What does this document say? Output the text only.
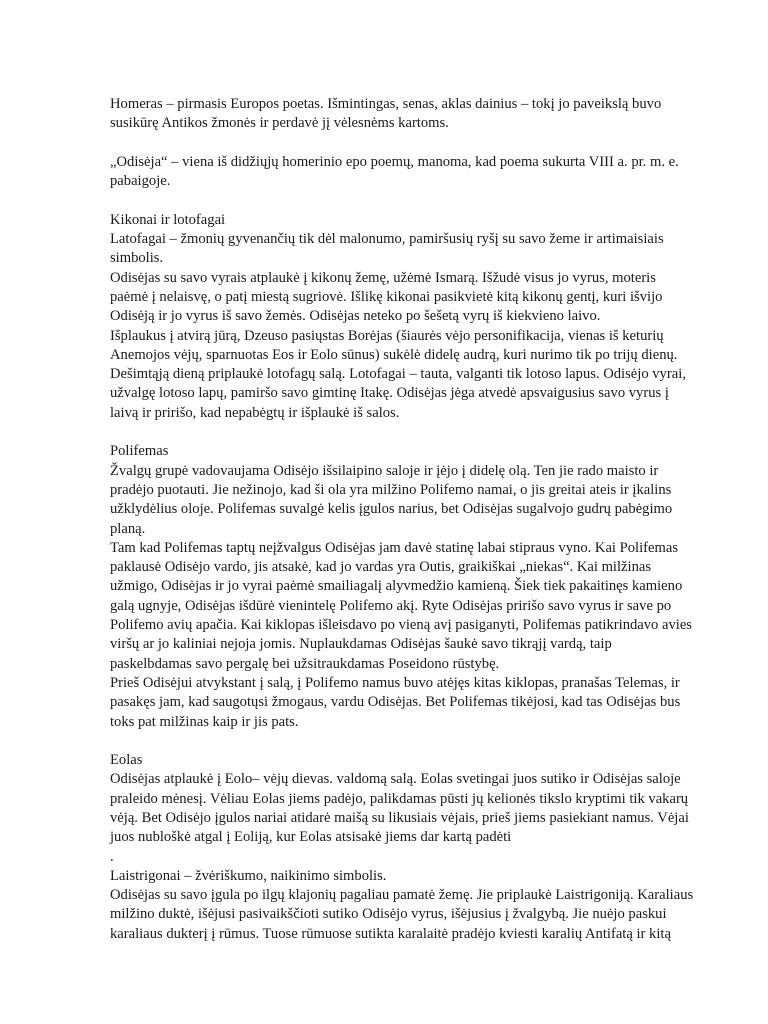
Homeras – pirmasis Europos poetas. Išmintingas, senas, aklas dainius – tokį jo paveikslą buvo
susikūrę Antikos žmonės ir perdavė jį vėlesnėms kartoms.

„Odisėja“ – viena iš didžiųjų homerinio epo poemų, manoma, kad poema sukurta VIII a. pr. m. e.
pabaigoje.

Kikonai ir lotofagai

Latofagai – žmonių gyvenančių tik dėl malonumo, pamiršusių ryšį su savo žeme ir artimaisiais
simbolis.

Odisėjas su savo vyrais atplaukė į kikonų žemę, užėmė Ismarą. Išžudė visus jo vyrus, moteris
paėmė į nelaisvę, o patį miestą sugriovė. Išlikę kikonai pasikvietė kitą kikonų gentį, kuri išvijo
Odisėją ir jo vyrus iš savo žemės. Odisėjas neteko po šešetą vyrų iš kiekvieno laivo.

Išplaukus į atvirą jūrą, Dzeuso pasiųstas Borėjas (šiaurės vėjo personifikacija, vienas iš keturių
Anemojos vėjų, sparnuotas Eos ir Eolo sūnus) sukėlė didelę audrą, kuri nurimo tik po trijų dienų.

Dešimtąją dieną priplaukė lotofagų salą. Lotofagai – tauta, valganti tik lotoso lapus. Odisėjo vyrai,
užvalgę lotoso lapų, pamiršo savo gimtinę Itakę. Odisėjas jėga atvedė apsvaigusius savo vyrus į
laivą ir pririšo, kad nepabėgtų ir išplaukė iš salos.

Polifemas

Žvalgų grupė vadovaujama Odisėjo išsilaipino saloje ir įėjo į didelę olą. Ten jie rado maisto ir
pradėjo puotauti. Jie nežinojo, kad ši ola yra milžino Polifemo namai, o jis greitai ateis ir įkalins
užklydėlius oloje. Polifemas suvalgė kelis įgulos narius, bet Odisėjas sugalvojo gudrų pabėgimo
planą.

Tam kad Polifemas taptų neįžvalgus Odisėjas jam davė statinę labai stipraus vyno. Kai Polifemas
paklausė Odisėjo vardo, jis atsakė, kad jo vardas yra Outis, graikiškai „niekas“. Kai milžinas
užmigo, Odisėjas ir jo vyrai paėmė smailiagalį alyvmedžio kamieną. Šiek tiek pakaitinęs kamieno
galą ugnyje, Odisėjas išdūrė vienintelę Polifemo akį. Ryte Odisėjas pririšo savo vyrus ir save po
Polifemo avių apačia. Kai kiklopas išleisdavo po vieną avį pasiganyti, Polifemas patikrindavo avies
viršų ar jo kaliniai nejoja jomis. Nuplaukdamas Odisėjas šaukė savo tikrąjį vardą, taip
paskelbdamas savo pergalę bei užsitraukdamas Poseidono rūstybę.

Prieš Odisėjui atvykstant į salą, į Polifemo namus buvo atėjęs kitas kiklopas, pranašas Telemas, ir
pasakęs jam, kad saugotųsi žmogaus, vardu Odisėjas. Bet Polifemas tikėjosi, kad tas Odisėjas bus
toks pat milžinas kaip ir jis pats.

Eolas

Odisėjas atplaukė į Eolo– vėjų dievas. valdomą salą. Eolas svetingai juos sutiko ir Odisėjas saloje
praleido mėnesį. Vėliau Eolas jiems padėjo, palikdamas pūsti jų kelionės tikslo kryptimi tik vakarų
vėją. Bet Odisėjo įgulos nariai atidarė maišą su likusiais vėjais, prieš jiems pasiekiant namus. Vėjai
juos nubloškė atgal į Eoliją, kur Eolas atsisakė jiems dar kartą padėti
.

Laistrigonai – žvėriškumo, naikinimo simbolis.

Odisėjas su savo įgula po ilgų klajonių pagaliau pamatė žemę. Jie priplaukė Laistrigoniją. Karaliaus
milžino duktė, išėjusi pasivaikščioti sutiko Odisėjo vyrus, išėjusius į žvalgybą. Jie nuėjo paskui
karaliaus dukterį į rūmus. Tuose rūmuose sutikta karalaitė pradėjo kviesti karalių Antifatą ir kitą
